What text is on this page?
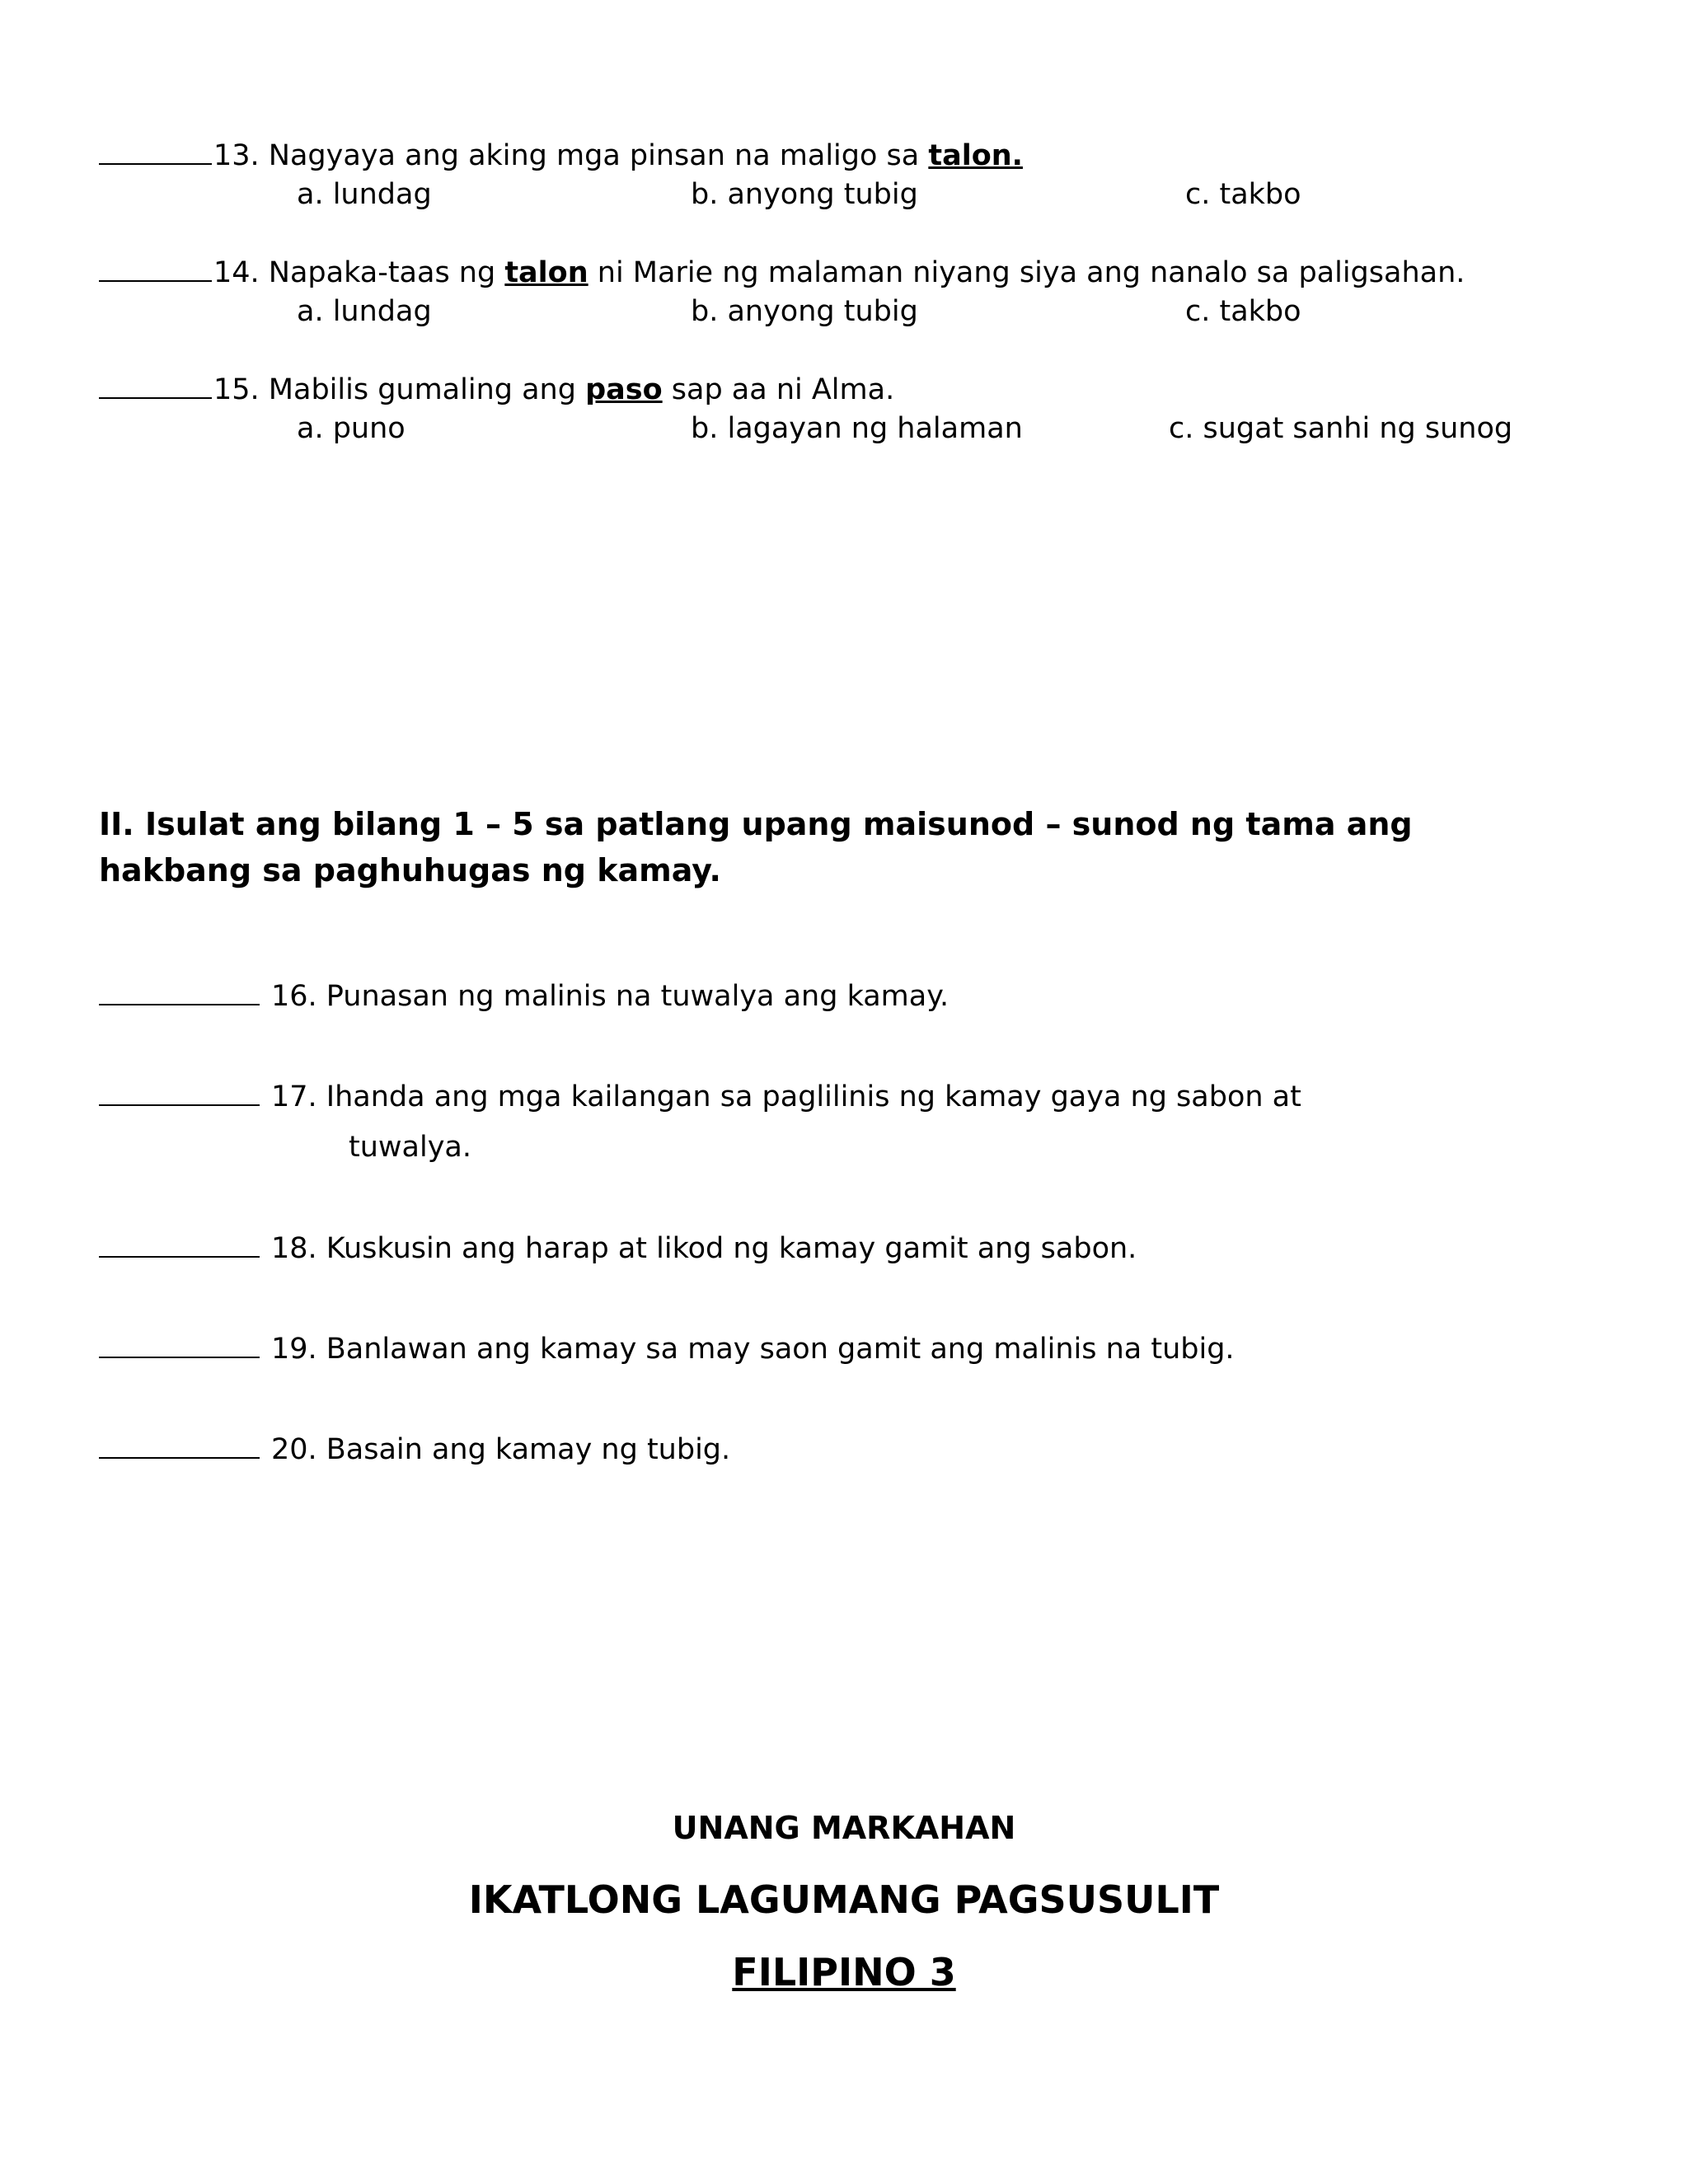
13. Nagyaya ang aking mga pinsan na maligo sa talon.
a. lundag	b. anyong tubig	c. takbo
14. Napaka-taas ng talon ni Marie ng malaman niyang siya ang nanalo sa paligsahan.
a. lundag	b. anyong tubig	c. takbo
15. Mabilis gumaling ang paso sap aa ni Alma.
a. puno	b. lagayan ng halaman	c. sugat sanhi ng sunog
II. Isulat ang bilang 1 – 5 sa patlang upang maisunod – sunod ng tama ang hakbang sa paghuhugas ng kamay.
16. Punasan ng malinis na tuwalya ang kamay.
17. Ihanda ang mga kailangan sa paglilinis ng kamay gaya ng sabon at
tuwalya.
18. Kuskusin ang harap at likod ng kamay gamit ang sabon.
19. Banlawan ang kamay sa may saon gamit ang malinis na tubig.
20. Basain ang kamay ng tubig.
UNANG MARKAHAN
IKATLONG LAGUMANG PAGSUSULIT
FILIPINO 3
